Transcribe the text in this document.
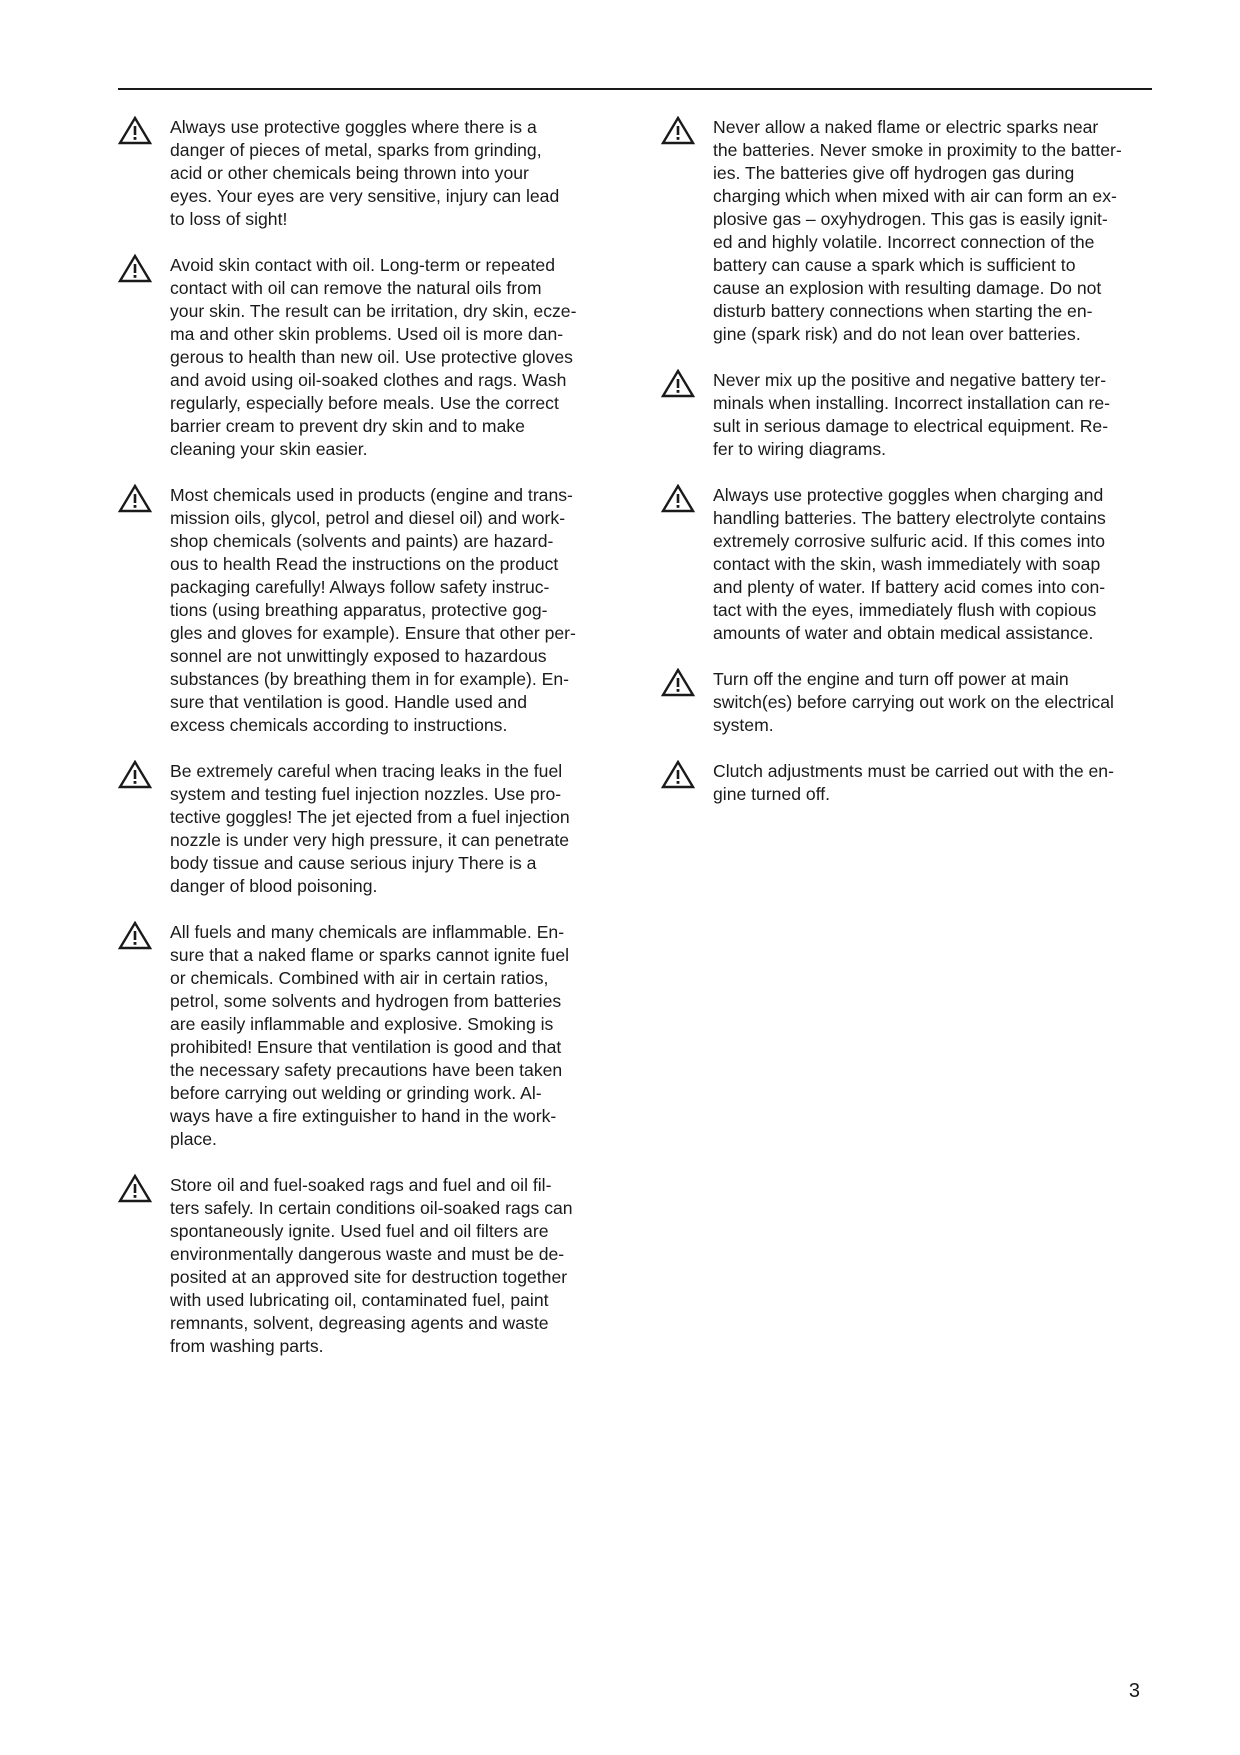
Always use protective goggles where there is a
danger of pieces of metal, sparks from grinding,
acid or other chemicals being thrown into your
eyes. Your eyes are very sensitive, injury can lead
to loss of sight!

Avoid skin contact with oil. Long-term or repeated
contact with oil can remove the natural oils from
your skin. The result can be irritation, dry skin, ecze-
ma and other skin problems. Used oil is more dan-
gerous to health than new oil. Use protective gloves
and avoid using oil-soaked clothes and rags. Wash
regularly, especially before meals. Use the correct
barrier cream to prevent dry skin and to make
cleaning your skin easier.

Most chemicals used in products (engine and trans-
mission oils, glycol, petrol and diesel oil) and work-
shop chemicals (solvents and paints) are hazard-
ous to health Read the instructions on the product
packaging carefully! Always follow safety instruc-
tions (using breathing apparatus, protective gog-
gles and gloves for example). Ensure that other per-
sonnel are not unwittingly exposed to hazardous
substances (by breathing them in for example). En-
sure that ventilation is good. Handle used and
excess chemicals according to instructions.

Be extremely careful when tracing leaks in the fuel
system and testing fuel injection nozzles. Use pro-
tective goggles! The jet ejected from a fuel injection
nozzle is under very high pressure, it can penetrate
body tissue and cause serious injury There is a
danger of blood poisoning.

All fuels and many chemicals are inflammable. En-
sure that a naked flame or sparks cannot ignite fuel
or chemicals. Combined with air in certain ratios,
petrol, some solvents and hydrogen from batteries
are easily inflammable and explosive. Smoking is
prohibited! Ensure that ventilation is good and that
the necessary safety precautions have been taken
before carrying out welding or grinding work. Al-
ways have a fire extinguisher to hand in the work-
place.

Store oil and fuel-soaked rags and fuel and oil fil-
ters safely. In certain conditions oil-soaked rags can
spontaneously ignite. Used fuel and oil filters are
environmentally dangerous waste and must be de-
posited at an approved site for destruction together
with used lubricating oil, contaminated fuel, paint
remnants, solvent, degreasing agents and waste
from washing parts.

Never allow a naked flame or electric sparks near
the batteries. Never smoke in proximity to the batter-
ies. The batteries give off hydrogen gas during
charging which when mixed with air can form an ex-
plosive gas – oxyhydrogen. This gas is easily ignit-
ed and highly volatile. Incorrect connection of the
battery can cause a spark which is sufficient to
cause an explosion with resulting damage. Do not
disturb battery connections when starting the en-
gine (spark risk) and do not lean over batteries.

Never mix up the positive and negative battery ter-
minals when installing. Incorrect installation can re-
sult in serious damage to electrical equipment. Re-
fer to wiring diagrams.

Always use protective goggles when charging and
handling batteries. The battery electrolyte contains
extremely corrosive sulfuric acid. If this comes into
contact with the skin, wash immediately with soap
and plenty of water. If battery acid comes into con-
tact with the eyes, immediately flush with copious
amounts of water and obtain medical assistance.

Turn off the engine and turn off power at main
switch(es) before carrying out work on the electrical
system.

Clutch adjustments must be carried out with the en-
gine turned off.

3
